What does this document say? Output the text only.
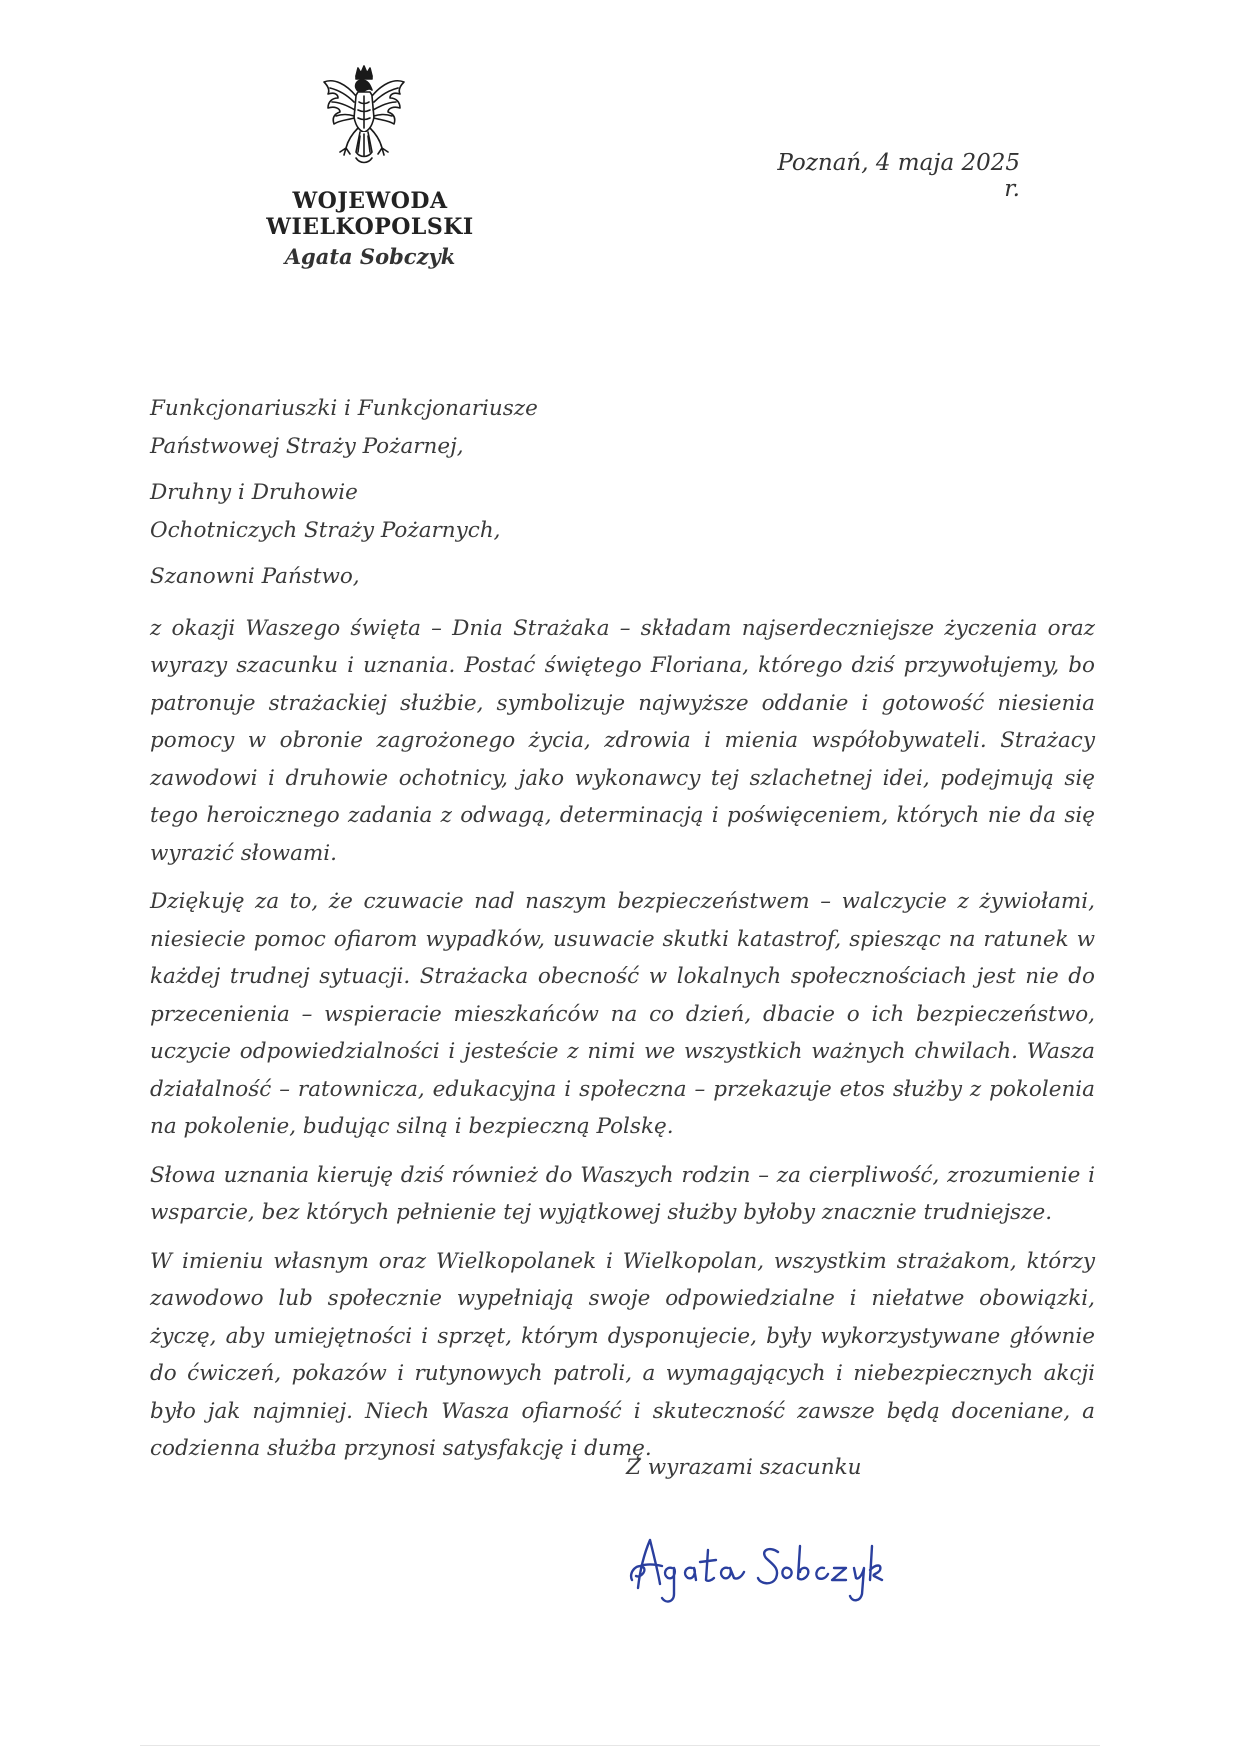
WOJEWODA WIELKOPOLSKI
Agata Sobczyk
Poznań, 4 maja 2025 r.
Funkcjonariuszki i Funkcjonariusze
Państwowej Straży Pożarnej,
Druhny i Druhowie
Ochotniczych Straży Pożarnych,
Szanowni Państwo,

z okazji Waszego święta – Dnia Strażaka – składam najserdeczniejsze życzenia oraz wyrazy szacunku i uznania. Postać świętego Floriana, którego dziś przywołujemy, bo patronuje strażackiej służbie, symbolizuje najwyższe oddanie i gotowość niesienia pomocy w obronie zagrożonego życia, zdrowia i mienia współobywateli. Strażacy zawodowi i druhowie ochotnicy, jako wykonawcy tej szlachetnej idei, podejmują się tego heroicznego zadania z odwagą, determinacją i poświęceniem, których nie da się wyrazić słowami.

Dziękuję za to, że czuwacie nad naszym bezpieczeństwem – walczycie z żywiołami, niesiecie pomoc ofiarom wypadków, usuwacie skutki katastrof, spiesząc na ratunek w każdej trudnej sytuacji. Strażacka obecność w lokalnych społecznościach jest nie do przecenienia – wspieracie mieszkańców na co dzień, dbacie o ich bezpieczeństwo, uczycie odpowiedzialności i jesteście z nimi we wszystkich ważnych chwilach. Wasza działalność – ratownicza, edukacyjna i społeczna – przekazuje etos służby z pokolenia na pokolenie, budując silną i bezpieczną Polskę.

Słowa uznania kieruję dziś również do Waszych rodzin – za cierpliwość, zrozumienie i wsparcie, bez których pełnienie tej wyjątkowej służby byłoby znacznie trudniejsze.

W imieniu własnym oraz Wielkopolanek i Wielkopolan, wszystkim strażakom, którzy zawodowo lub społecznie wypełniają swoje odpowiedzialne i niełatwe obowiązki, życzę, aby umiejętności i sprzęt, którym dysponujecie, były wykorzystywane głównie do ćwiczeń, pokazów i rutynowych patroli, a wymagających i niebezpiecznych akcji było jak najmniej. Niech Wasza ofiarność i skuteczność zawsze będą doceniane, a codzienna służba przynosi satysfakcję i dumę.

Z wyrazami szacunku
